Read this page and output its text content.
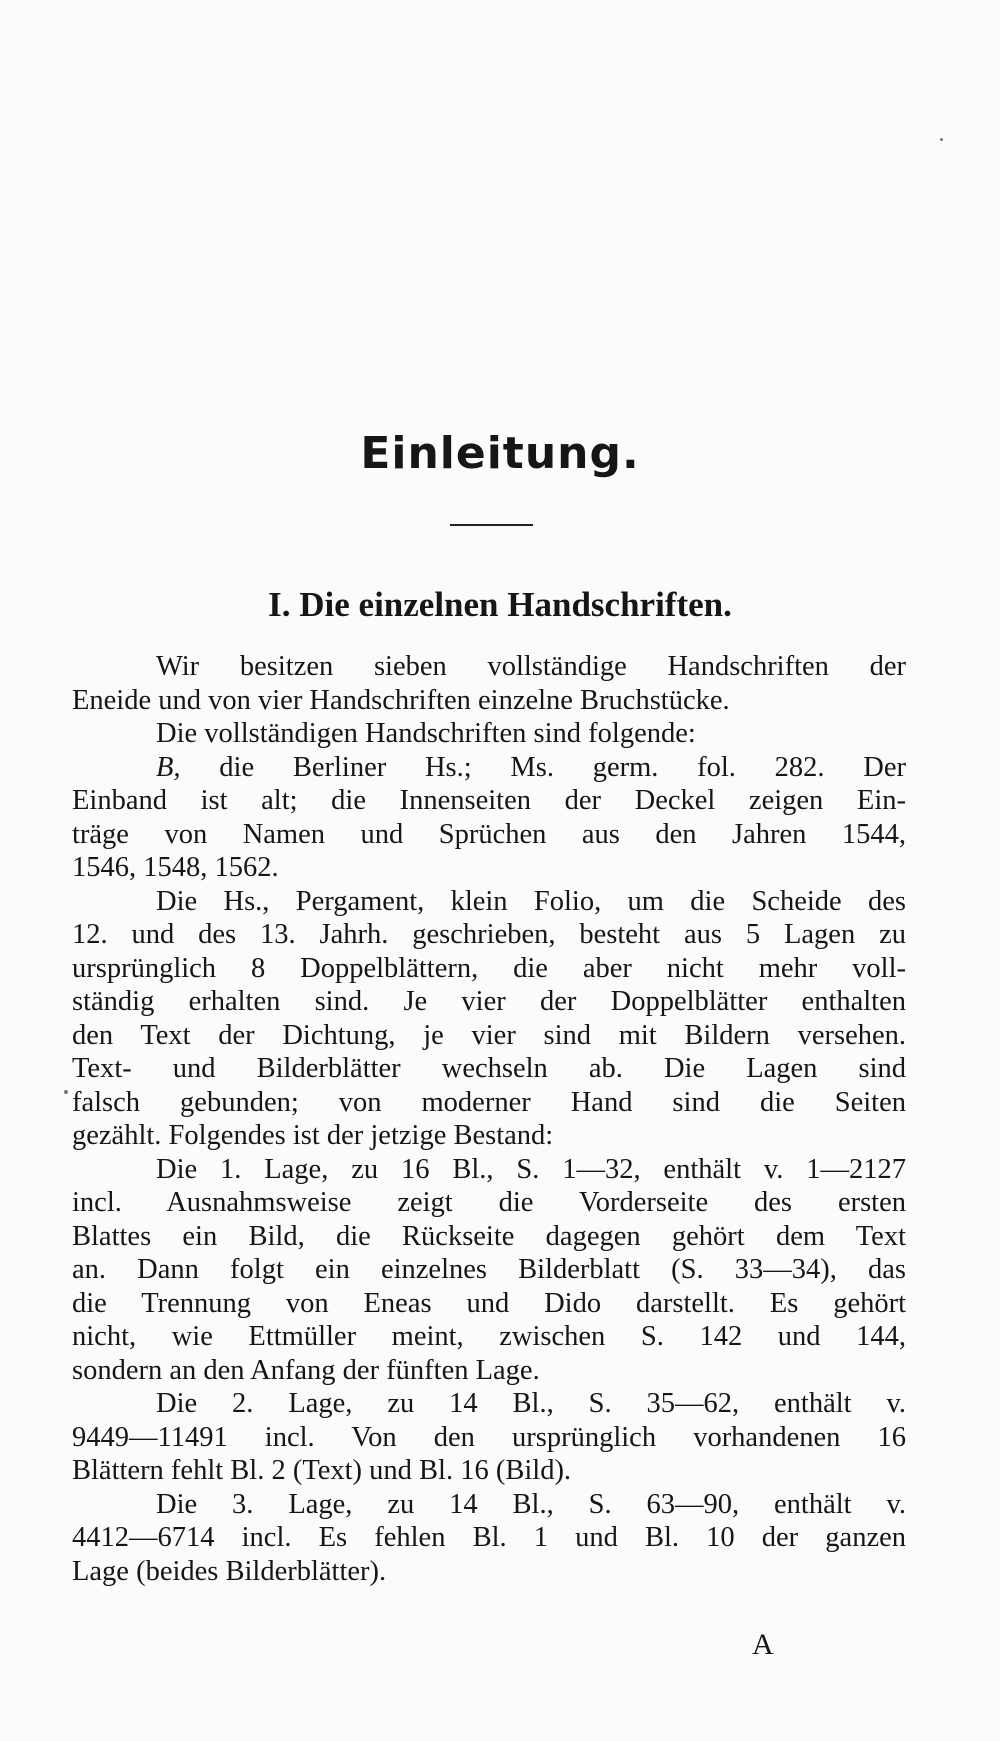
Einleitung.
I. Die einzelnen Handschriften.
Wir besitzen sieben vollständige Handschriften der
Eneide und von vier Handschriften einzelne Bruchstücke.
Die vollständigen Handschriften sind folgende:
B, die Berliner Hs.; Ms. germ. fol. 282. Der
Einband ist alt; die Innenseiten der Deckel zeigen Ein-
träge von Namen und Sprüchen aus den Jahren 1544,
1546, 1548, 1562.
Die Hs., Pergament, klein Folio, um die Scheide des
12. und des 13. Jahrh. geschrieben, besteht aus 5 Lagen zu
ursprünglich 8 Doppelblättern, die aber nicht mehr voll-
ständig erhalten sind. Je vier der Doppelblätter enthalten
den Text der Dichtung, je vier sind mit Bildern versehen.
Text- und Bilderblätter wechseln ab. Die Lagen sind
falsch gebunden; von moderner Hand sind die Seiten
gezählt. Folgendes ist der jetzige Bestand:
Die 1. Lage, zu 16 Bl., S. 1—32, enthält v. 1—2127
incl. Ausnahmsweise zeigt die Vorderseite des ersten
Blattes ein Bild, die Rückseite dagegen gehört dem Text
an. Dann folgt ein einzelnes Bilderblatt (S. 33—34), das
die Trennung von Eneas und Dido darstellt. Es gehört
nicht, wie Ettmüller meint, zwischen S. 142 und 144,
sondern an den Anfang der fünften Lage.
Die 2. Lage, zu 14 Bl., S. 35—62, enthält v.
9449—11491 incl. Von den ursprünglich vorhandenen 16
Blättern fehlt Bl. 2 (Text) und Bl. 16 (Bild).
Die 3. Lage, zu 14 Bl., S. 63—90, enthält v.
4412—6714 incl. Es fehlen Bl. 1 und Bl. 10 der ganzen
Lage (beides Bilderblätter).

A
